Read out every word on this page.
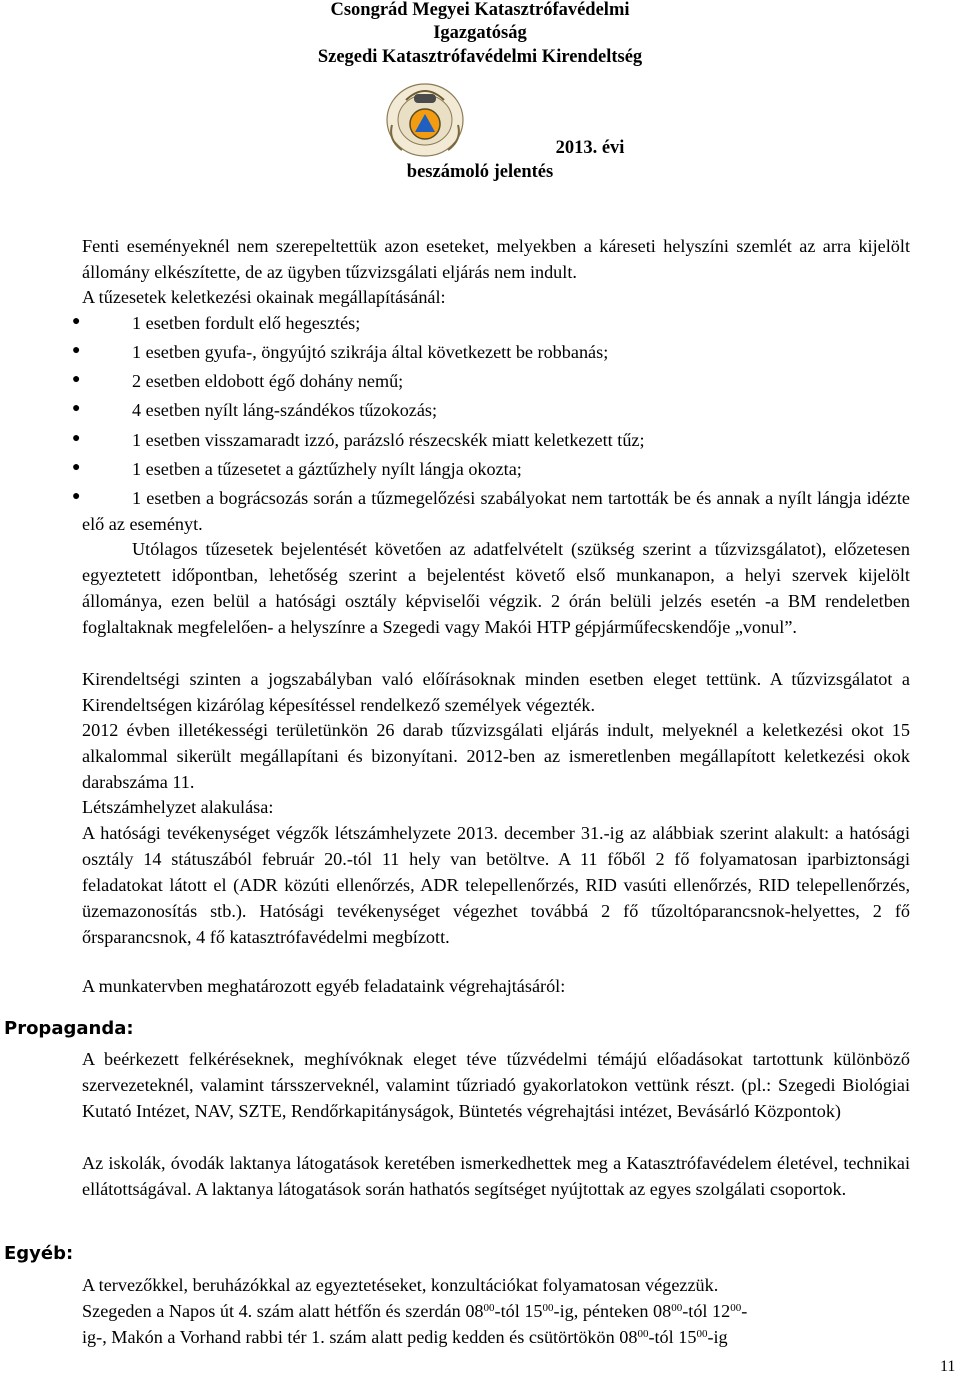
Csongrád Megyei Katasztrófavédelmi
Igazgatóság
Szegedi Katasztrófavédelmi Kirendeltség
2013. évi
beszámoló jelentés
Fenti eseményeknél nem szerepeltettük azon eseteket, melyekben a káreseti helyszíni szemlét az arra kijelölt állomány elkészítette, de az ügyben tűzvizsgálati eljárás nem indult.
A tűzesetek keletkezési okainak megállapításánál:
●	1 esetben fordult elő hegesztés;
●	1 esetben gyufa-, öngyújtó szikrája által következett be robbanás;
●	2 esetben eldobott égő dohány nemű;
●	4 esetben nyílt láng-szándékos tűzokozás;
●	1 esetben visszamaradt izzó, parázsló részecskék miatt keletkezett tűz;
●	1 esetben a tűzesetet a gáztűzhely nyílt lángja okozta;
●	1 esetben a bográcsozás során a tűzmegelőzési szabályokat nem tartották be és annak a nyílt lángja idézte elő az eseményt.
Utólagos tűzesetek bejelentését követően az adatfelvételt (szükség szerint a tűzvizsgálatot), előzetesen egyeztetett időpontban, lehetőség szerint a bejelentést követő első munkanapon, a helyi szervek kijelölt állománya, ezen belül a hatósági osztály képviselői végzik. 2 órán belüli jelzés esetén -a BM rendeletben foglaltaknak megfelelően- a helyszínre a Szegedi vagy Makói HTP gépjárműfecskendője „vonul”.
Kirendeltségi szinten a jogszabályban való előírásoknak minden esetben eleget tettünk. A tűzvizsgálatot a Kirendeltségen kizárólag képesítéssel rendelkező személyek végezték.
2012 évben illetékességi területünkön 26 darab tűzvizsgálati eljárás indult, melyeknél a keletkezési okot 15 alkalommal sikerült megállapítani és bizonyítani. 2012-ben az ismeretlenben megállapított keletkezési okok darabszáma 11.
Létszámhelyzet alakulása:
A hatósági tevékenységet végzők létszámhelyzete 2013. december 31.-ig az alábbiak szerint alakult: a hatósági osztály 14 státuszából február 20.-tól 11 hely van betöltve. A 11 főből 2 fő folyamatosan iparbiztonsági feladatokat látott el (ADR közúti ellenőrzés, ADR telepellenőrzés, RID vasúti ellenőrzés, RID telepellenőrzés, üzemazonosítás stb.). Hatósági tevékenységet végezhet továbbá 2 fő tűzoltóparancsnok-helyettes, 2 fő őrsparancsnok, 4 fő katasztrófavédelmi megbízott.
A munkatervben meghatározott egyéb feladataink végrehajtásáról:
Propaganda:
A beérkezett felkéréseknek, meghívóknak eleget téve tűzvédelmi témájú előadásokat tartottunk különböző szervezeteknél, valamint társszerveknél, valamint tűzriadó gyakorlatokon vettünk részt. (pl.: Szegedi Biológiai Kutató Intézet, NAV, SZTE, Rendőrkapitányságok, Büntetés végrehajtási intézet, Bevásárló Központok)
Az iskolák, óvodák laktanya látogatások keretében ismerkedhettek meg a Katasztrófavédelem életével, technikai ellátottságával. A laktanya látogatások során hathatós segítséget nyújtottak az egyes szolgálati csoportok.
Egyéb:
A tervezőkkel, beruházókkal az egyeztetéseket, konzultációkat folyamatosan végezzük.
Szegeden a Napos út 4. szám alatt hétfőn és szerdán $08^{00}$-tól $15^{00}-ig$, pénteken $08^{00}$-tól $12^{00}-$
ig-, Makón a Vorhand rabbi tér 1. szám alatt pedig kedden és csütörtökön $08^{00}$-tól $15^{00}-ig$
11
